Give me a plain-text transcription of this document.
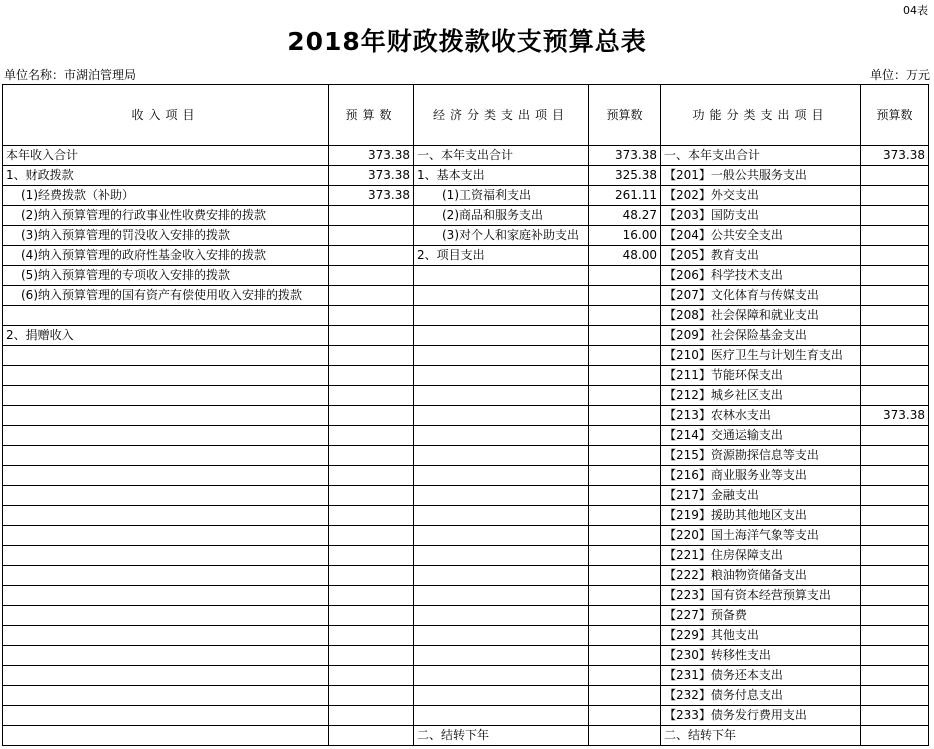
04表
2018年财政拨款收支预算总表
单位名称：市湖泊管理局	单位：万元
收入项目	预算数	经济分类支出项目	预算数	功能分类支出项目	预算数
本年收入合计	373.38	一、本年支出合计	373.38	一、本年支出合计	373.38
1、财政拨款	373.38	1、基本支出	325.38	【201】一般公共服务支出	
(1)经费拨款（补助）	373.38	(1)工资福利支出	261.11	【202】外交支出	
(2)纳入预算管理的行政事业性收费安排的拨款		(2)商品和服务支出	48.27	【203】国防支出	
(3)纳入预算管理的罚没收入安排的拨款		(3)对个人和家庭补助支出	16.00	【204】公共安全支出	
(4)纳入预算管理的政府性基金收入安排的拨款		2、项目支出	48.00	【205】教育支出	
(5)纳入预算管理的专项收入安排的拨款				【206】科学技术支出	
(6)纳入预算管理的国有资产有偿使用收入安排的拨款				【207】文化体育与传媒支出	
				【208】社会保障和就业支出	
2、捐赠收入				【209】社会保险基金支出	
				【210】医疗卫生与计划生育支出	
				【211】节能环保支出	
				【212】城乡社区支出	
				【213】农林水支出	373.38
				【214】交通运输支出	
				【215】资源勘探信息等支出	
				【216】商业服务业等支出	
				【217】金融支出	
				【219】援助其他地区支出	
				【220】国土海洋气象等支出	
				【221】住房保障支出	
				【222】粮油物资储备支出	
				【223】国有资本经营预算支出	
				【227】预备费	
				【229】其他支出	
				【230】转移性支出	
				【231】债务还本支出	
				【232】债务付息支出	
				【233】债务发行费用支出	
		二、结转下年		二、结转下年	
